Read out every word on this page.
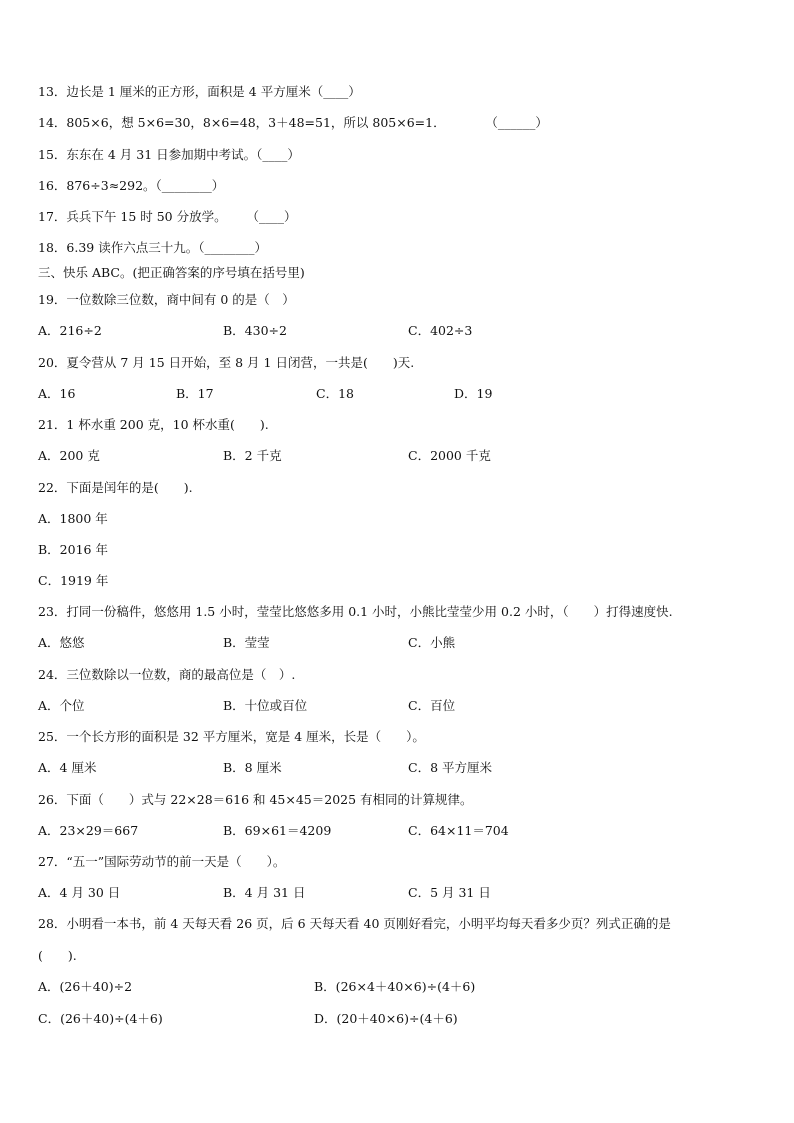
13．边长是 1 厘米的正方形，面积是 4 平方厘米（____）
14．805×6，想 5×6=30，8×6=48，3＋48=51，所以 805×6=1．          （______）
15．东东在 4 月 31 日参加期中考试。（____）
16．876÷3≈292。（________）
17．兵兵下午 15 时 50 分放学。     （____）
18．6.39 读作六点三十九。（________）
三、快乐 ABC。(把正确答案的序号填在括号里)
19．一位数除三位数，商中间有 0 的是（　）
A．216÷2	B．430÷2	C．402÷3
20．夏令营从 7 月 15 日开始，至 8 月 1 日闭营，一共是(　　)天.
A．16	B．17	C．18	D．19
21．1 杯水重 200 克，10 杯水重(　　).
A．200 克	B．2 千克	C．2000 千克
22．下面是闰年的是(　　).
A．1800 年
B．2016 年
C．1919 年
23．打同一份稿件，悠悠用 1.5 小时，莹莹比悠悠多用 0.1 小时，小熊比莹莹少用 0.2 小时，（　　）打得速度快.
A．悠悠	B．莹莹	C．小熊
24．三位数除以一位数，商的最高位是（　）.
A．个位	B．十位或百位	C．百位
25．一个长方形的面积是 32 平方厘米，宽是 4 厘米，长是（　　）。
A．4 厘米	B．8 厘米	C．8 平方厘米
26．下面（　　）式与 22×28＝616 和 45×45＝2025 有相同的计算规律。
A．23×29＝667	B．69×61＝4209	C．64×11＝704
27．“五一”国际劳动节的前一天是（　　）。
A．4 月 30 日	B．4 月 31 日	C．5 月 31 日
28．小明看一本书，前 4 天每天看 26 页，后 6 天每天看 40 页刚好看完，小明平均每天看多少页？列式正确的是
(　　).
A．(26＋40)÷2	B．(26×4＋40×6)÷(4＋6)
C．(26＋40)÷(4＋6)	D．(20＋40×6)÷(4＋6)
